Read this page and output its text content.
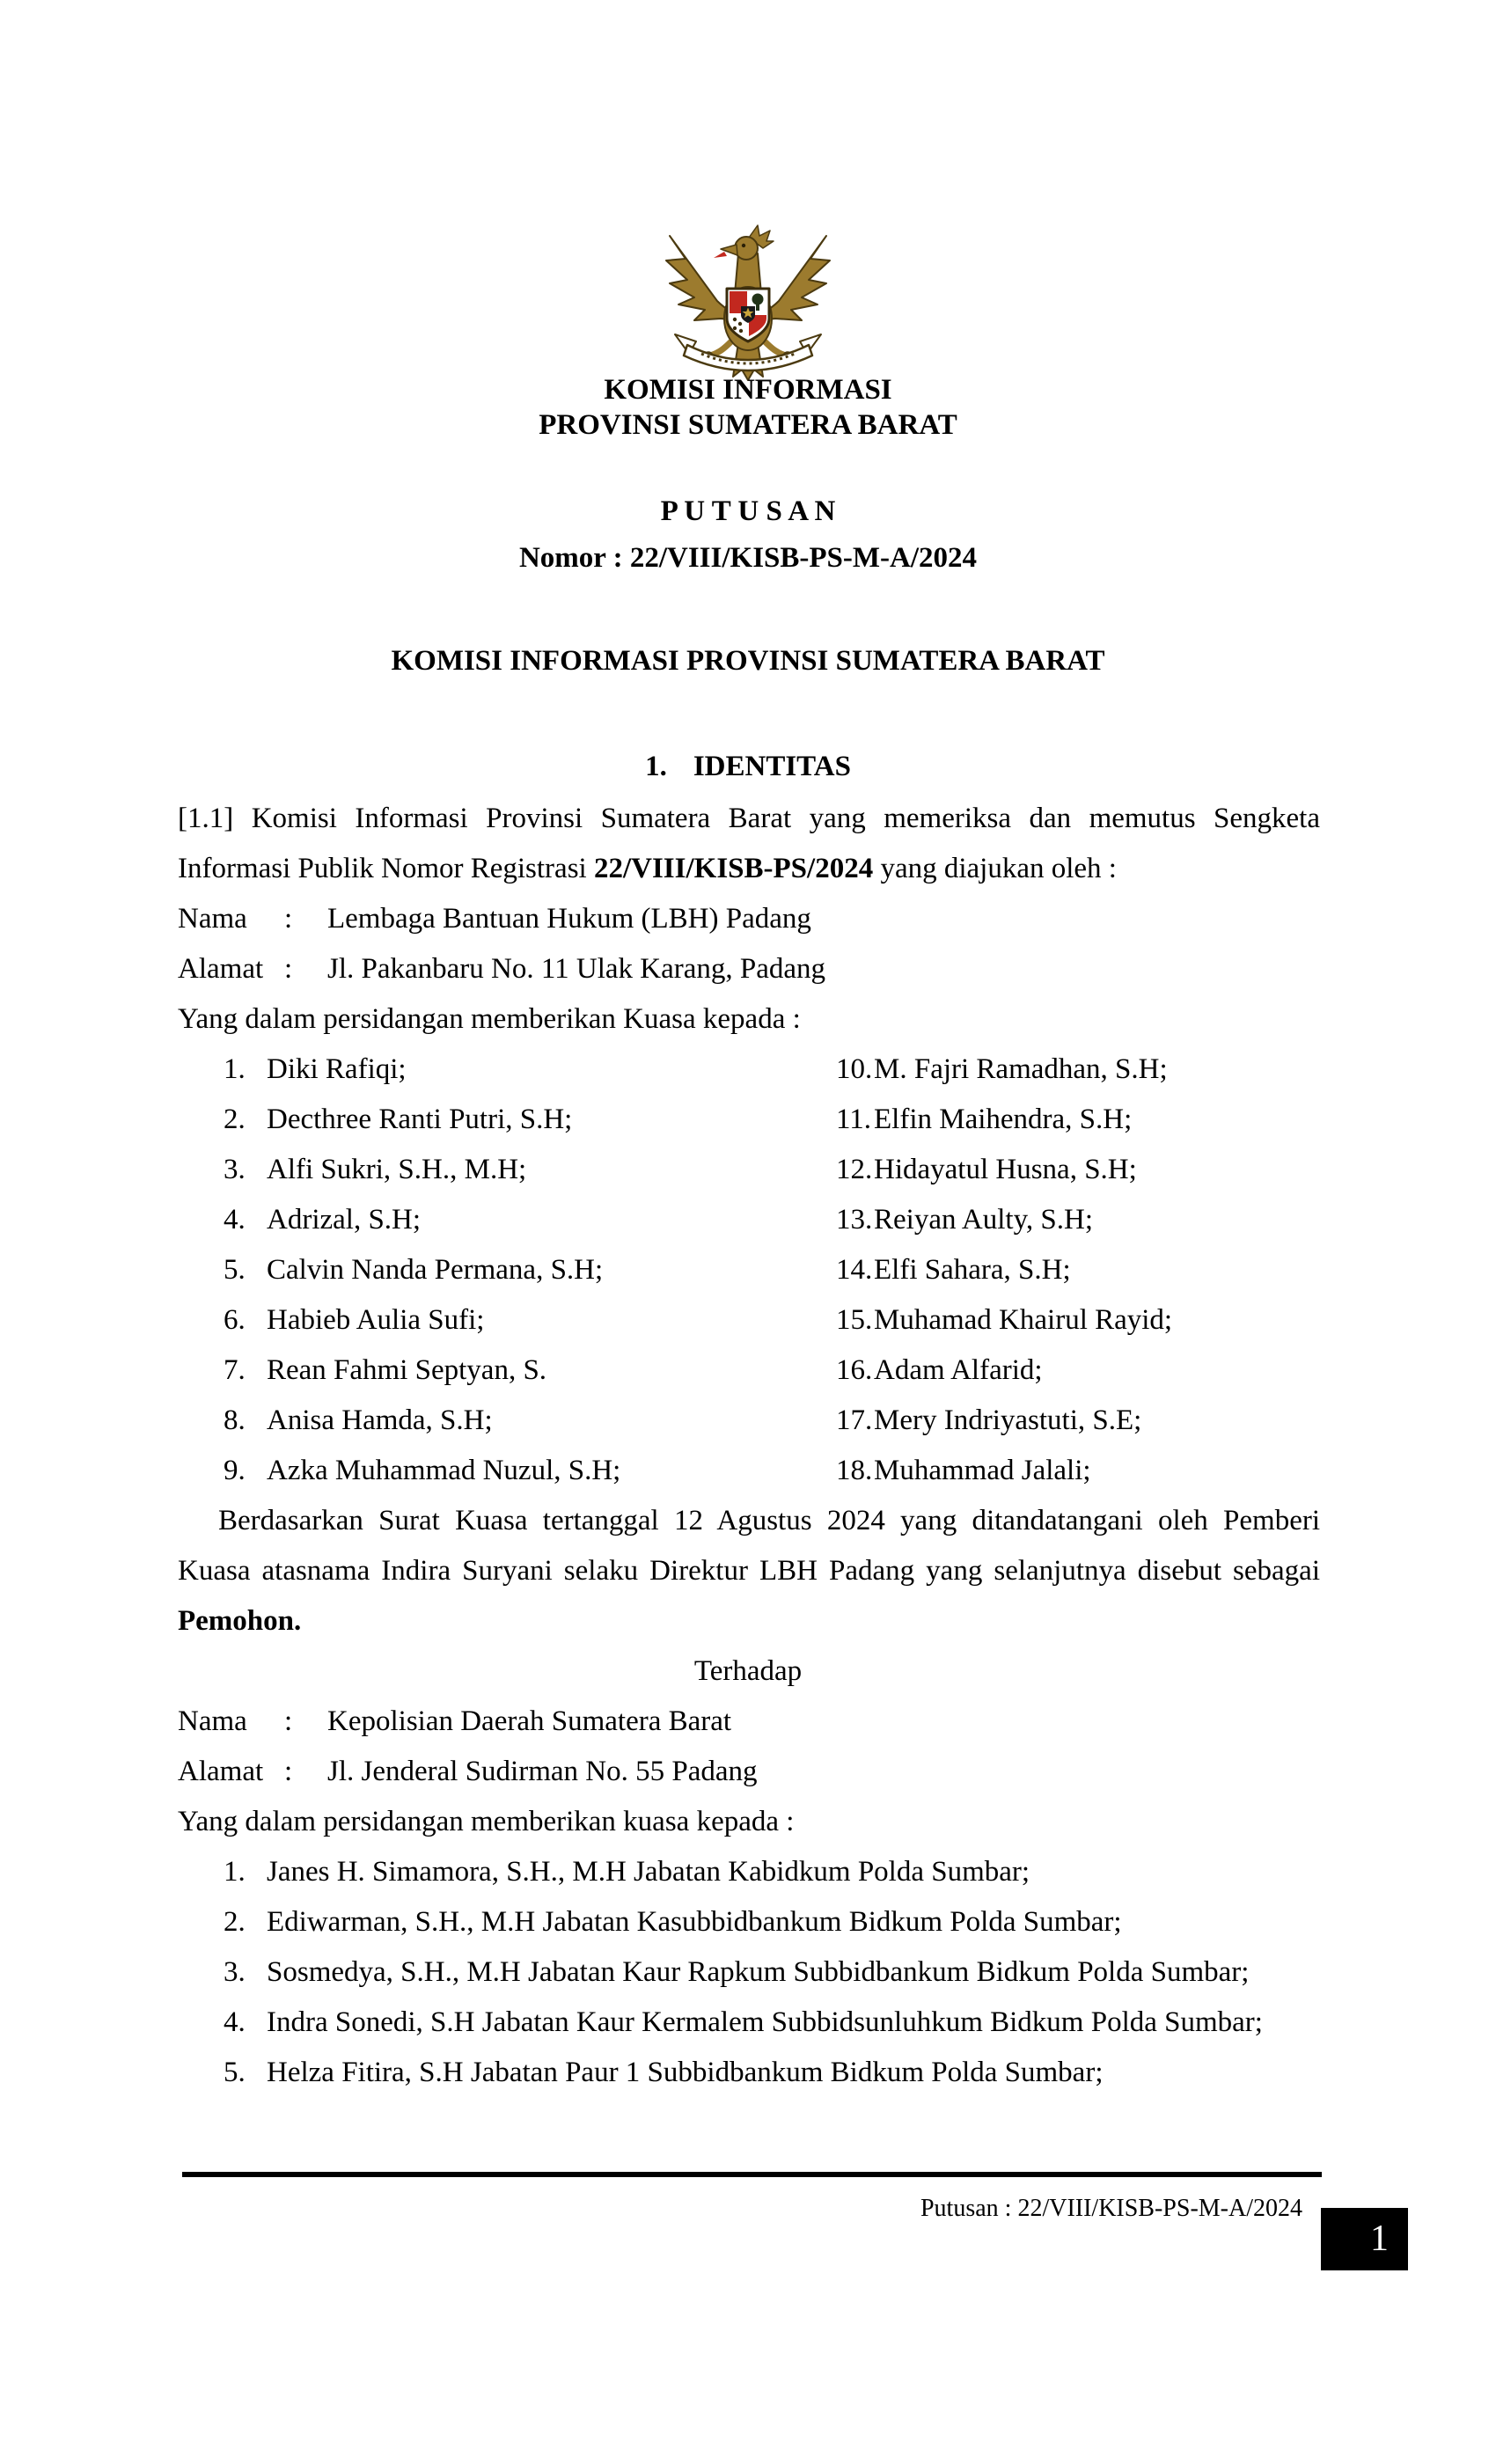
KOMISI INFORMASI
PROVINSI SUMATERA BARAT
P U T U S A N
Nomor : 22/VIII/KISB-PS-M-A/2024
KOMISI INFORMASI PROVINSI SUMATERA BARAT
1. IDENTITAS
[1.1] Komisi Informasi Provinsi Sumatera Barat yang memeriksa dan memutus Sengketa
Informasi Publik Nomor Registrasi 22/VIII/KISB-PS/2024 yang diajukan oleh :
Nama	:	Lembaga Bantuan Hukum (LBH) Padang
Alamat :	Jl. Pakanbaru No. 11 Ulak Karang, Padang
Yang dalam persidangan memberikan Kuasa kepada :
1. Diki Rafiqi;
2. Decthree Ranti Putri, S.H;
3. Alfi Sukri, S.H., M.H;
4. Adrizal, S.H;
5. Calvin Nanda Permana, S.H;
6. Habieb Aulia Sufi;
7. Rean Fahmi Septyan, S.
8. Anisa Hamda, S.H;
9. Azka Muhammad Nuzul, S.H;
10. M. Fajri Ramadhan, S.H;
11. Elfin Maihendra, S.H;
12. Hidayatul Husna, S.H;
13. Reiyan Aulty, S.H;
14. Elfi Sahara, S.H;
15. Muhamad Khairul Rayid;
16. Adam Alfarid;
17. Mery Indriyastuti, S.E;
18. Muhammad Jalali;
Berdasarkan Surat Kuasa tertanggal 12 Agustus 2024 yang ditandatangani oleh Pemberi
Kuasa atasnama Indira Suryani selaku Direktur LBH Padang yang selanjutnya disebut sebagai
Pemohon.
Terhadap
Nama	:	Kepolisian Daerah Sumatera Barat
Alamat :	Jl. Jenderal Sudirman No. 55 Padang
Yang dalam persidangan memberikan kuasa kepada :
1. Janes H. Simamora, S.H., M.H Jabatan Kabidkum Polda Sumbar;
2. Ediwarman, S.H., M.H Jabatan Kasubbidbankum Bidkum Polda Sumbar;
3. Sosmedya, S.H., M.H Jabatan Kaur Rapkum Subbidbankum Bidkum Polda Sumbar;
4. Indra Sonedi, S.H Jabatan Kaur Kermalem Subbidsunluhkum Bidkum Polda Sumbar;
5. Helza Fitira, S.H Jabatan Paur 1 Subbidbankum Bidkum Polda Sumbar;
Putusan : 22/VIII/KISB-PS-M-A/2024
1
